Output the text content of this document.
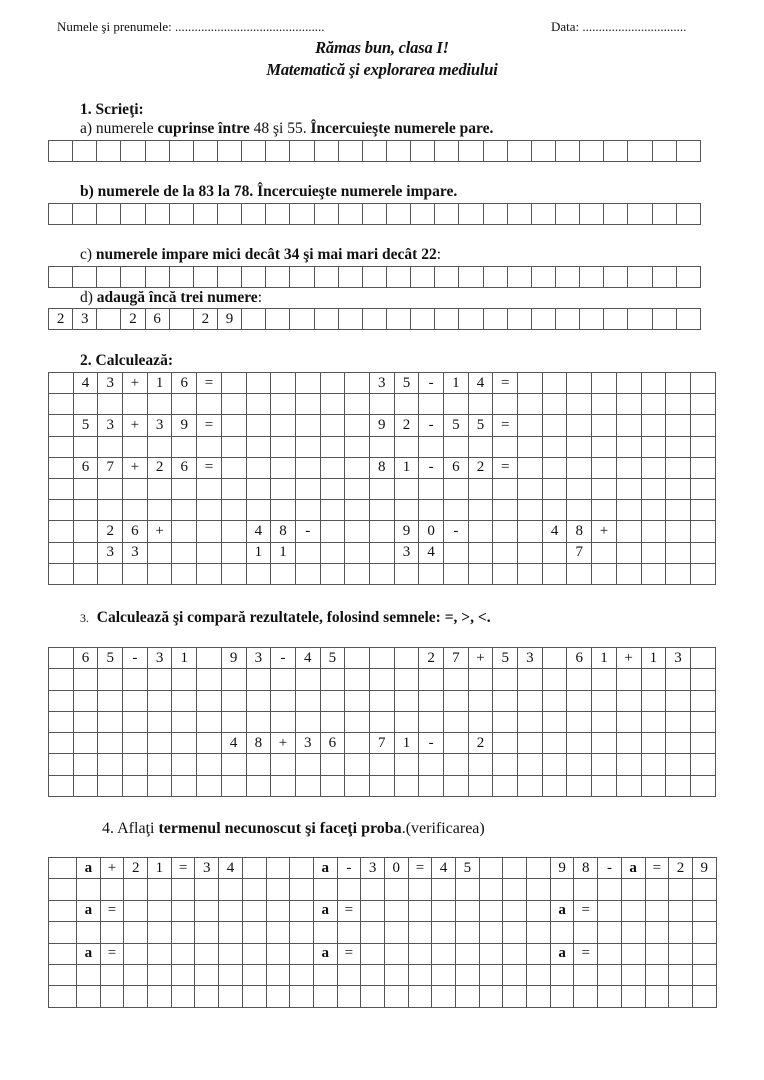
Numele şi prenumele: ..............................................	Data: ................................
Rămas bun, clasa I!
Matematică şi explorarea mediului
1. Scrieţi:
a) numerele cuprinse între 48 şi 55. Încercuieşte numerele pare.
b) numerele de la 83 la 78. Încercuieşte numerele impare.
c) numerele impare mici decât 34 şi mai mari decât 22:
d) adaugă încă trei numere:
2. Calculează:
3. Calculează şi compară rezultatele, folosind semnele: =, >, <.
4. Aflaţi termenul necunoscut şi faceţi proba.(verificarea)

2	3		2	6		2	9																			
	4	3	+	1	6	=							3	5	-	1	4	=								

	5	3	+	3	9	=							9	2	-	5	5	=								

	6	7	+	2	6	=							8	1	-	6	2	=								

		2	6	+				4	8	-				9	0	-				4	8	+				
		3	3					1	1					3	4						7					

	6	5	-	3	1		9	3	-	4	5				2	7	+	5	3		6	1	+	1	3	

							4	8	+	3	6		7	1	-		2									

	a	+	2	1	=	3	4				a	-	3	0	=	4	5				9	8	-	a	=	2	9

	a	=									a	=									a	=					

	a	=									a	=									a	=					
